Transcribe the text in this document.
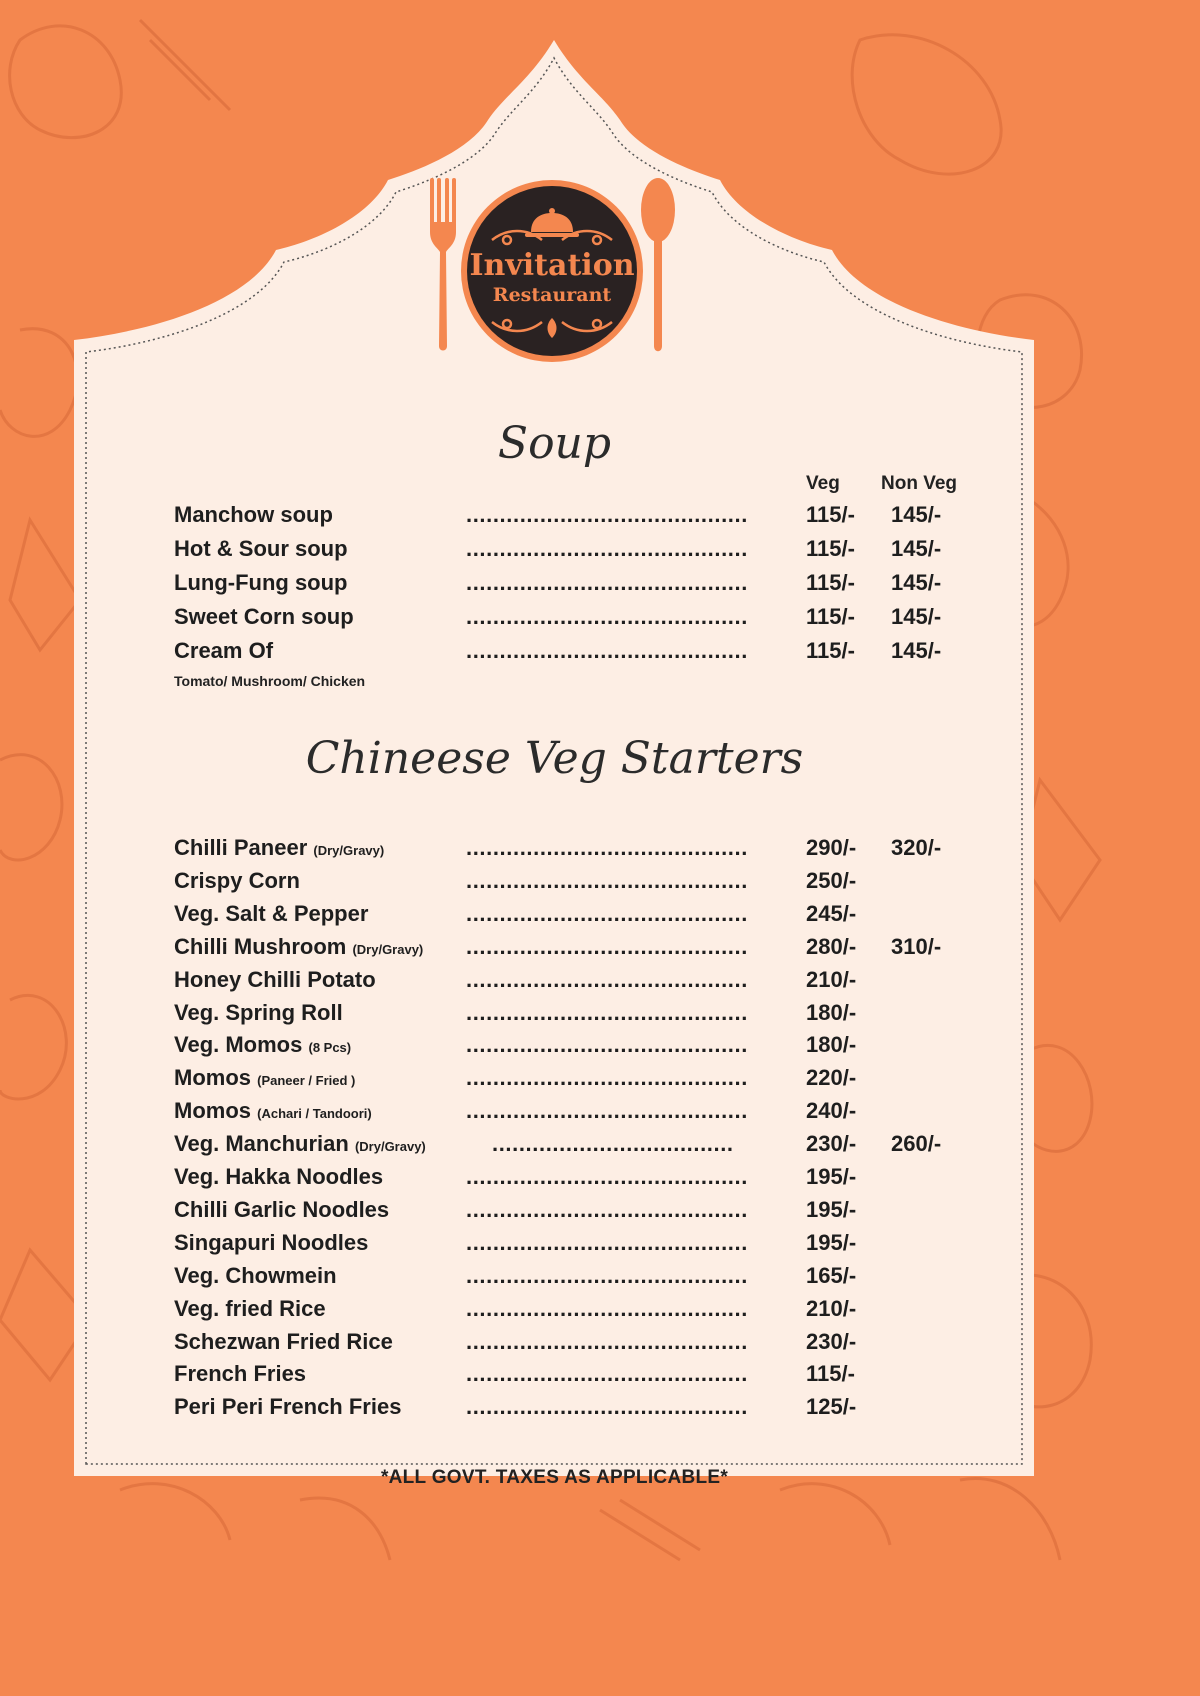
Invitation
Restaurant
Soup
Veg Non Veg
Manchow soup	..........................................	115/- 145/-
Hot & Sour soup	..........................................	115/- 145/-
Lung-Fung soup	..........................................	115/- 145/-
Sweet Corn soup	..........................................	115/- 145/-
Cream Of	..........................................	115/- 145/-
Tomato/ Mushroom/ Chicken
Chineese Veg Starters
Chilli Paneer (Dry/Gravy)	..........................................	290/- 320/-
Crispy Corn	..........................................	250/-
Veg. Salt & Pepper	..........................................	245/-
Chilli Mushroom (Dry/Gravy) ..........................................	280/- 310/-
Honey Chilli Potato	..........................................	210/-
Veg. Spring Roll	..........................................	180/-
Veg. Momos (8 Pcs)	..........................................	180/-
Momos (Paneer / Fried )	..........................................	220/-
Momos (Achari / Tandoori)	..........................................	240/-
Veg. Manchurian (Dry/Gravy)	....................................	230/- 260/-
Veg. Hakka Noodles	..........................................	195/-
Chilli Garlic Noodles	..........................................	195/-
Singapuri Noodles	..........................................	195/-
Veg. Chowmein	..........................................	165/-
Veg. fried Rice	..........................................	210/-
Schezwan Fried Rice	..........................................	230/-
French Fries	..........................................	115/-
Peri Peri French Fries	..........................................	125/-
*ALL GOVT. TAXES AS APPLICABLE*
